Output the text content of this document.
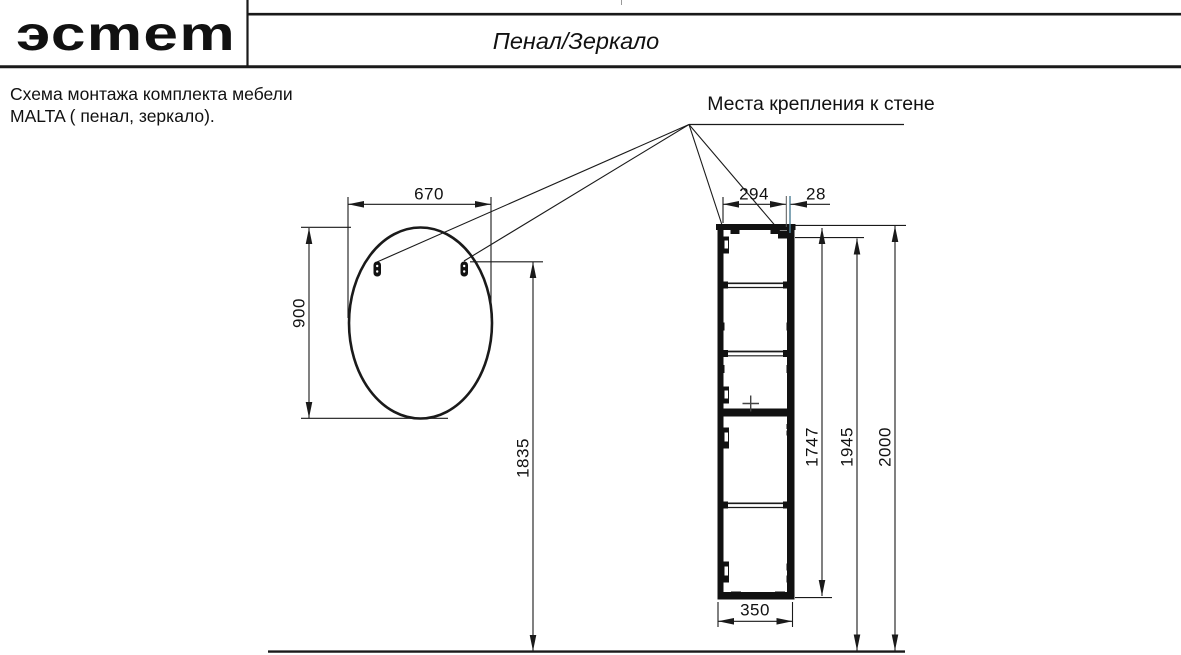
эсmem	Пенал/Зеркало
Схема монтажа комплекта мебели
MALTA ( пенал, зеркало).
Места крепления к стене
670
900
1835
294 28
350
1747 1945 2000
